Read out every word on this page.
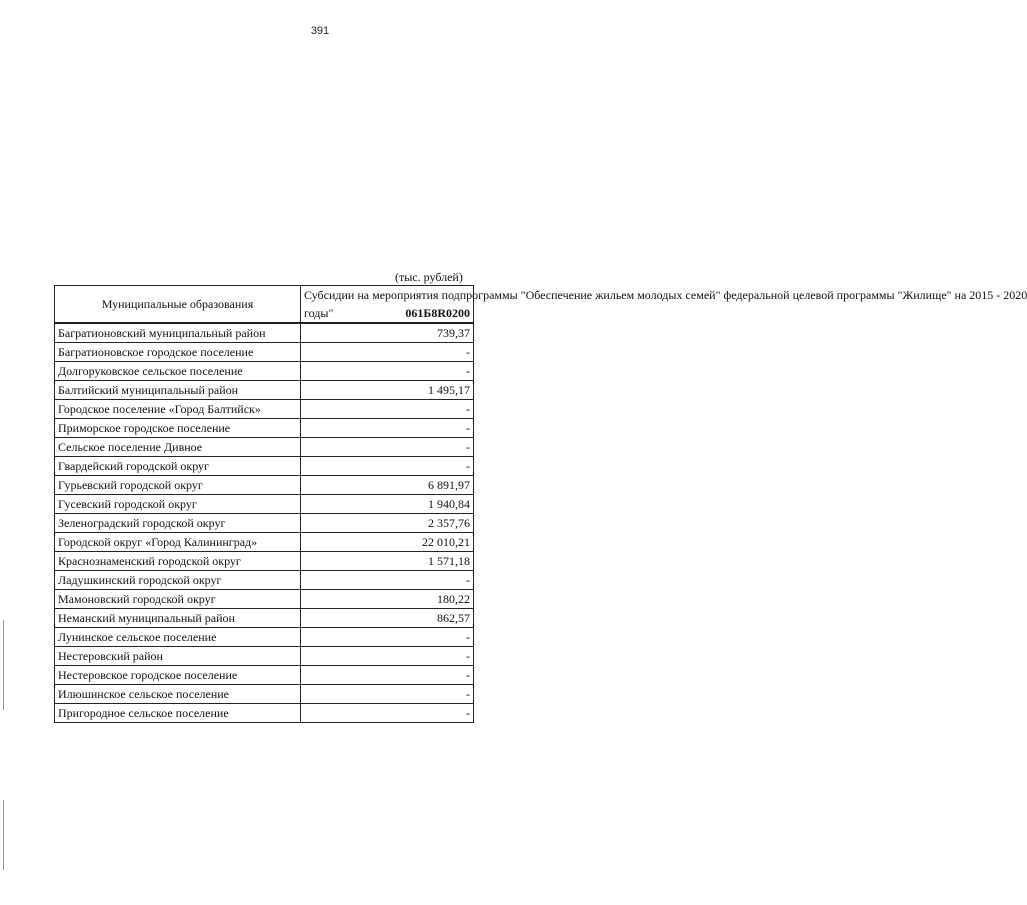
391
(тыс. рублей)
Муниципальные образования	Субсидии на мероприятия подпрограммы "Обеспечение жильем молодых семей" федеральной целевой программы "Жилище" на 2015 - 2020
годы" 061Б8R0200

Багратионовский муниципальный район	739,37
Багратионовское городское поселение	-
Долгоруковское сельское поселение	-
Балтийский муниципальный район	1 495,17
Городское поселение «Город Балтийск»	-
Приморское городское поселение	-
Сельское поселение Дивное	-
Гвардейский городской округ	-
Гурьевский городской округ	6 891,97
Гусевский городской округ	1 940,84
Зеленоградский городской округ	2 357,76
Городской округ «Город Калининград»	22 010,21
Краснознаменский городской округ	1 571,18
Ладушкинский городской округ	-
Мамоновский городской округ	180,22
Неманский муниципальный район	862,57
Лунинское сельское поселение	-
Нестеровский район	-
Нестеровское городское поселение	-
Илюшинское сельское поселение	-
Пригородное сельское поселение	-
